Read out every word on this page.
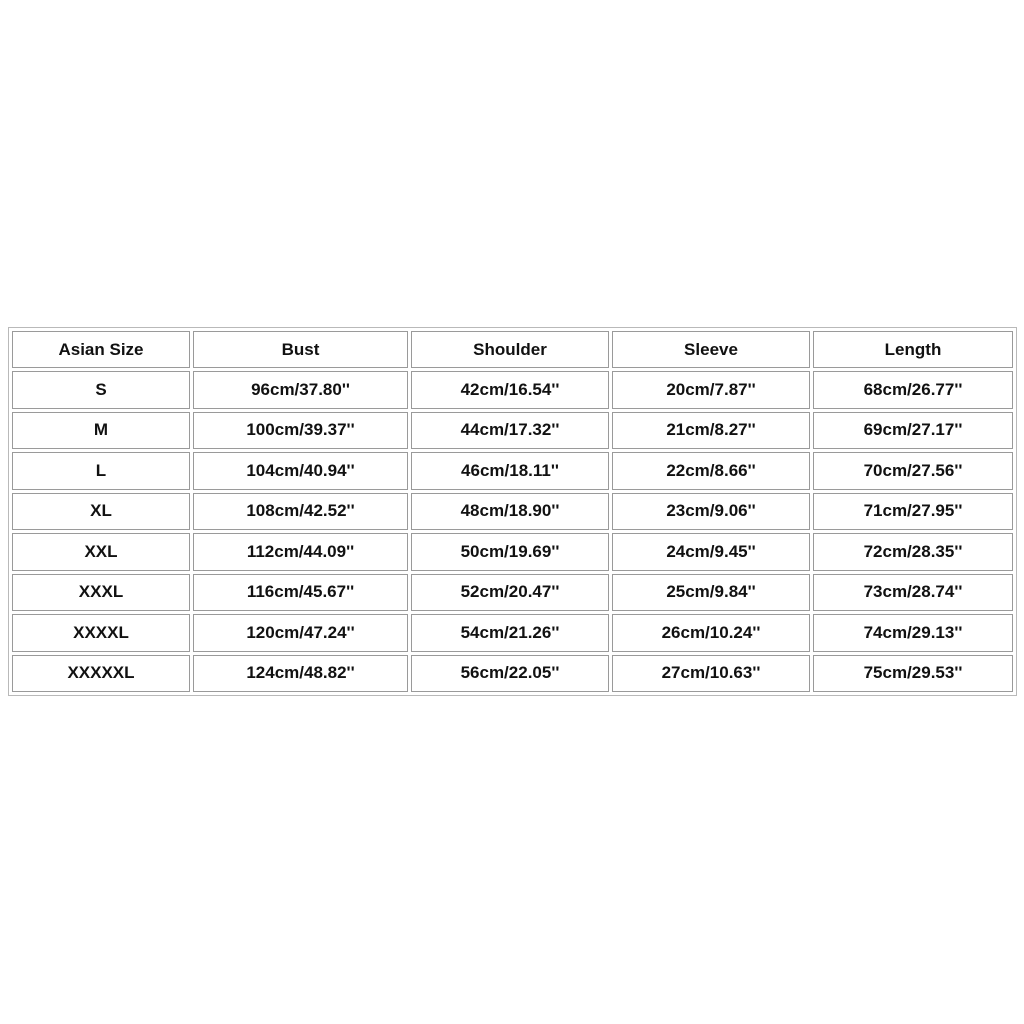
Asian Size	Bust	Shoulder	Sleeve	Length
S	96cm/37.80''	42cm/16.54''	20cm/7.87''	68cm/26.77''
M	100cm/39.37''	44cm/17.32''	21cm/8.27''	69cm/27.17''
L	104cm/40.94''	46cm/18.11''	22cm/8.66''	70cm/27.56''
XL	108cm/42.52''	48cm/18.90''	23cm/9.06''	71cm/27.95''
XXL	112cm/44.09''	50cm/19.69''	24cm/9.45''	72cm/28.35''
XXXL	116cm/45.67''	52cm/20.47''	25cm/9.84''	73cm/28.74''
XXXXL	120cm/47.24''	54cm/21.26''	26cm/10.24''	74cm/29.13''
XXXXXL	124cm/48.82''	56cm/22.05''	27cm/10.63''	75cm/29.53''
